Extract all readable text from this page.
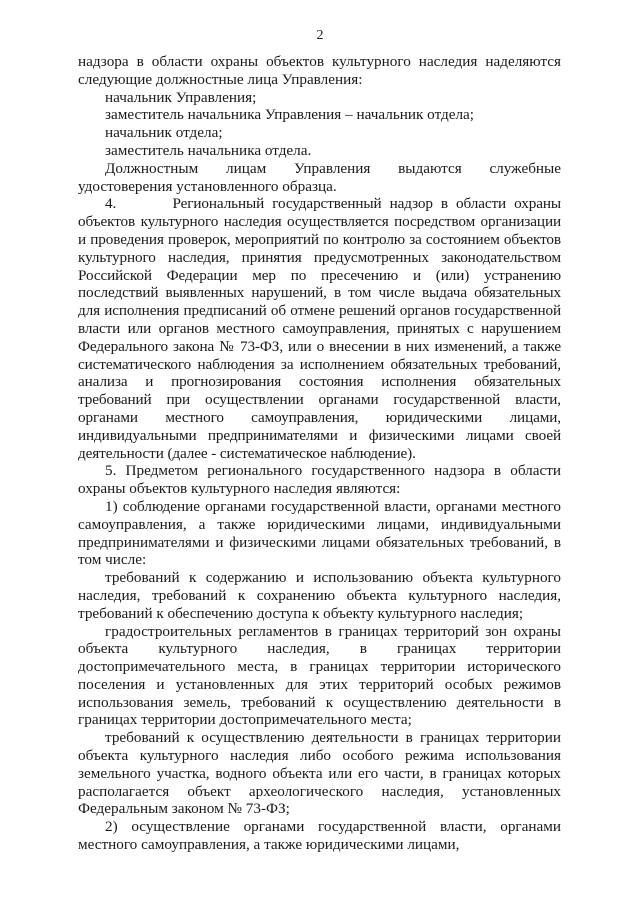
2

надзора в области охраны объектов культурного наследия наделяются следующие должностные лица Управления:

начальник Управления;

заместитель начальника Управления – начальник отдела;

начальник отдела;

заместитель начальника отдела.

Должностным лицам Управления выдаются служебные удостоверения установленного образца.

4.       Региональный государственный надзор в области охраны объектов культурного наследия осуществляется посредством организации и проведения проверок, мероприятий по контролю за состоянием объектов культурного наследия, принятия предусмотренных законодательством Российской Федерации мер по пресечению и (или) устранению последствий выявленных нарушений, в том числе выдача обязательных для исполнения предписаний об отмене решений органов государственной власти или органов местного самоуправления, принятых с нарушением Федерального закона № 73-ФЗ, или о внесении в них изменений, а также систематического наблюдения за исполнением обязательных требований, анализа и прогнозирования состояния исполнения обязательных требований при осуществлении органами государственной власти, органами местного самоуправления, юридическими лицами, индивидуальными предпринимателями и физическими лицами своей деятельности (далее - систематическое наблюдение).

5. Предметом регионального государственного надзора в области охраны объектов культурного наследия являются:

1) соблюдение органами государственной власти, органами местного самоуправления, а также юридическими лицами, индивидуальными предпринимателями и физическими лицами обязательных требований, в том числе:

требований к содержанию и использованию объекта культурного наследия, требований к сохранению объекта культурного наследия, требований к обеспечению доступа к объекту культурного наследия;

градостроительных регламентов в границах территорий зон охраны объекта культурного наследия, в границах территории достопримечательного места, в границах территории исторического поселения и установленных для этих территорий особых режимов использования земель, требований к осуществлению деятельности в границах территории достопримечательного места;

требований к осуществлению деятельности в границах территории объекта культурного наследия либо особого режима использования земельного участка, водного объекта или его части, в границах которых располагается объект археологического наследия, установленных Федеральным законом № 73-ФЗ;

2) осуществление органами государственной власти, органами местного самоуправления, а также юридическими лицами,
